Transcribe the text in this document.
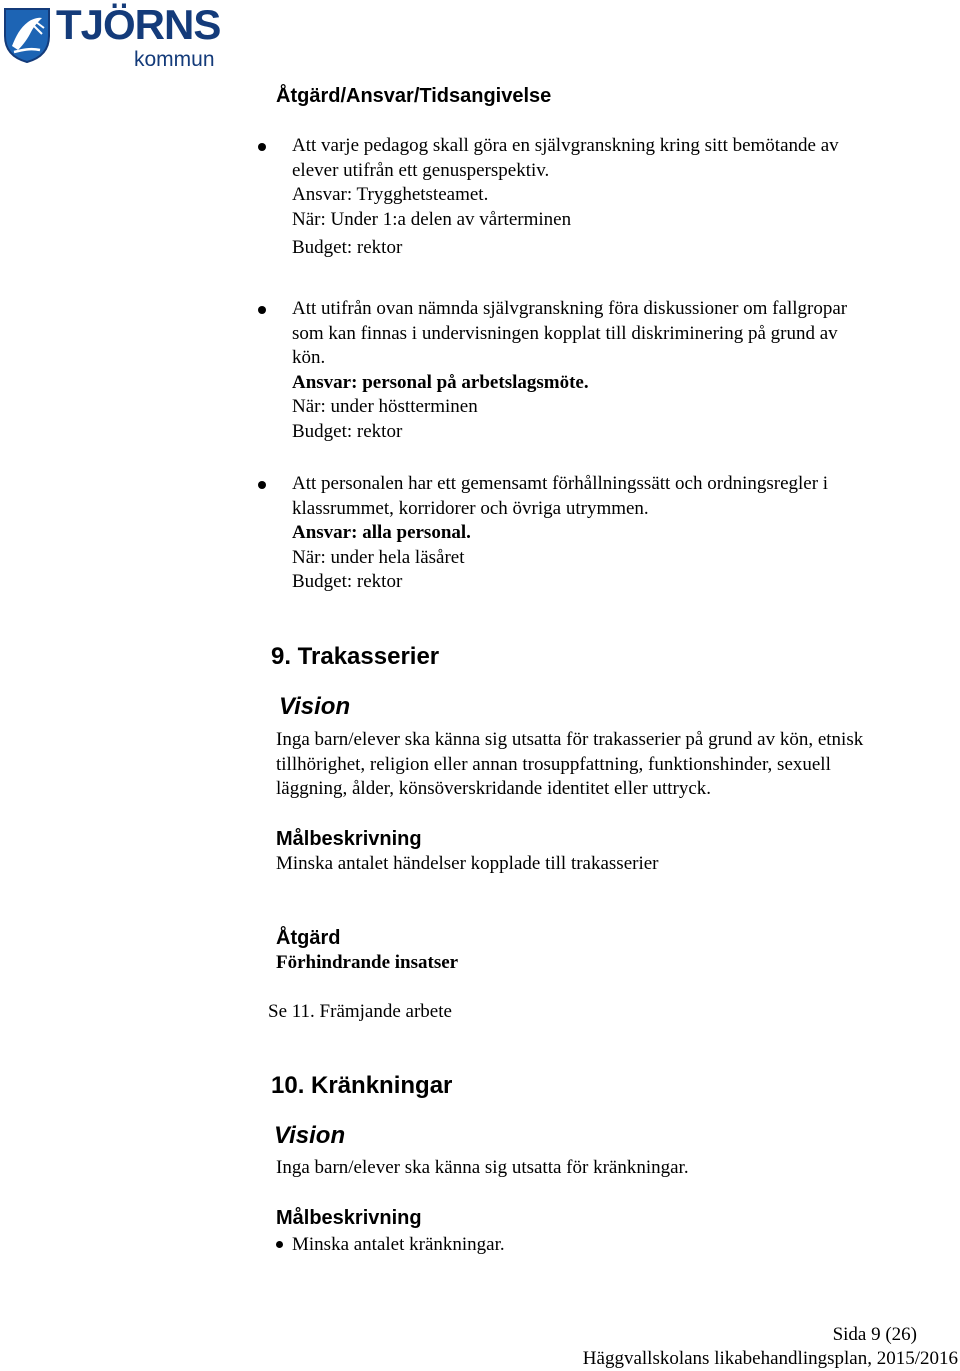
TJÖRNS
kommun
Åtgärd/Ansvar/Tidsangivelse
Att varje pedagog skall göra en självgranskning kring sitt bemötande av
elever utifrån ett genusperspektiv.
Ansvar: Trygghetsteamet.
När: Under 1:a delen av vårterminen
Budget: rektor
Att utifrån ovan nämnda självgranskning föra diskussioner om fallgropar
som kan finnas i undervisningen kopplat till diskriminering på grund av
kön.
Ansvar: personal på arbetslagsmöte.
När: under höstterminen
Budget: rektor
Att personalen har ett gemensamt förhållningssätt och ordningsregler i
klassrummet, korridorer och övriga utrymmen.
Ansvar: alla personal.
När: under hela läsåret
Budget: rektor
9. Trakasserier
Vision
Inga barn/elever ska känna sig utsatta för trakasserier på grund av kön, etnisk
tillhörighet, religion eller annan trosuppfattning, funktionshinder, sexuell
läggning, ålder, könsöverskridande identitet eller uttryck.
Målbeskrivning
Minska antalet händelser kopplade till trakasserier
Åtgärd
Förhindrande insatser
Se 11. Främjande arbete
10. Kränkningar
Vision
Inga barn/elever ska känna sig utsatta för kränkningar.
Målbeskrivning
Minska antalet kränkningar.
Sida 9 (26)
Häggvallskolans likabehandlingsplan, 2015/2016
